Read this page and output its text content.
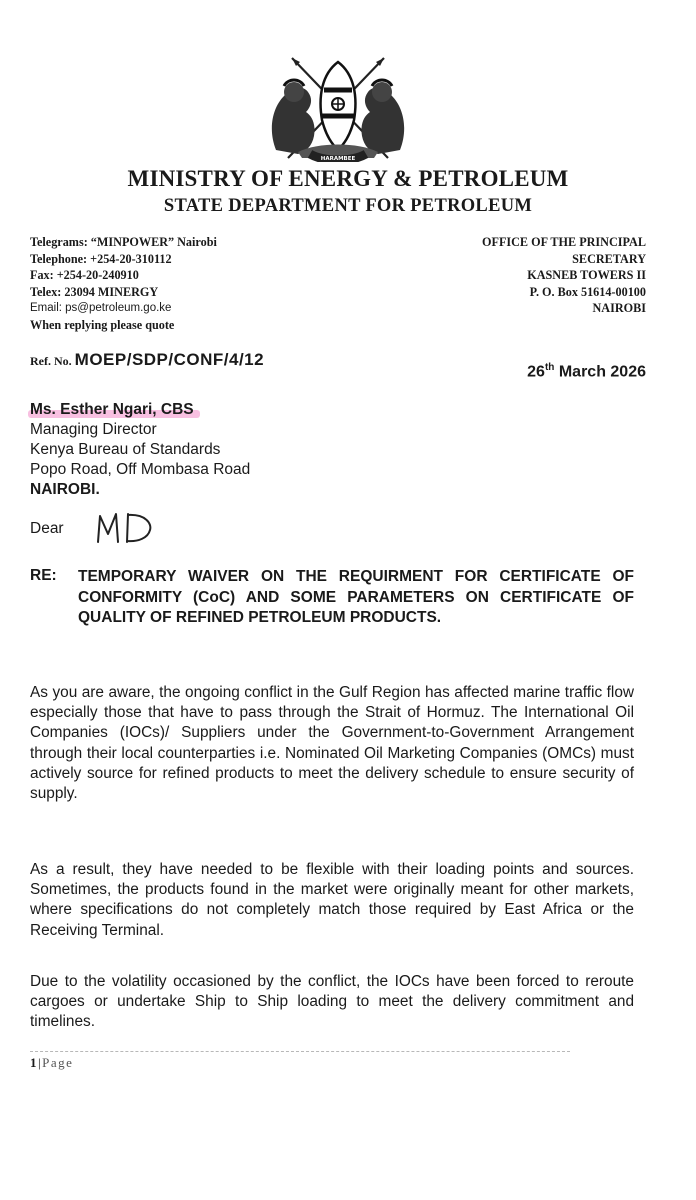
HARAMBEE
MINISTRY OF ENERGY & PETROLEUM
STATE DEPARTMENT FOR PETROLEUM
Telegrams: “MINPOWER” Nairobi
Telephone: +254-20-310112
Fax: +254-20-240910
Telex: 23094 MINERGY
Email: ps@petroleum.go.ke
When replying please quote
OFFICE OF THE PRINCIPAL
SECRETARY
KASNEB TOWERS II
P. O. Box 51614-00100
NAIROBI
Ref. No. MOEP/SDP/CONF/4/12
26th March 2026
Ms. Esther Ngari, CBS
Managing Director
Kenya Bureau of Standards
Popo Road, Off Mombasa Road
NAIROBI.
Dear
RE: TEMPORARY WAIVER ON THE REQUIRMENT FOR CERTIFICATE OF CONFORMITY (CoC) AND SOME PARAMETERS ON CERTIFICATE OF QUALITY OF REFINED PETROLEUM PRODUCTS.
As you are aware, the ongoing conflict in the Gulf Region has affected marine traffic flow especially those that have to pass through the Strait of Hormuz. The International Oil Companies (IOCs)/ Suppliers under the Government-to-Government Arrangement through their local counterparties i.e. Nominated Oil Marketing Companies (OMCs) must actively source for refined products to meet the delivery schedule to ensure security of supply.
As a result, they have needed to be flexible with their loading points and sources. Sometimes, the products found in the market were originally meant for other markets, where specifications do not completely match those required by East Africa or the Receiving Terminal.
Due to the volatility occasioned by the conflict, the IOCs have been forced to reroute cargoes or undertake Ship to Ship loading to meet the delivery commitment and timelines.
1|Page
